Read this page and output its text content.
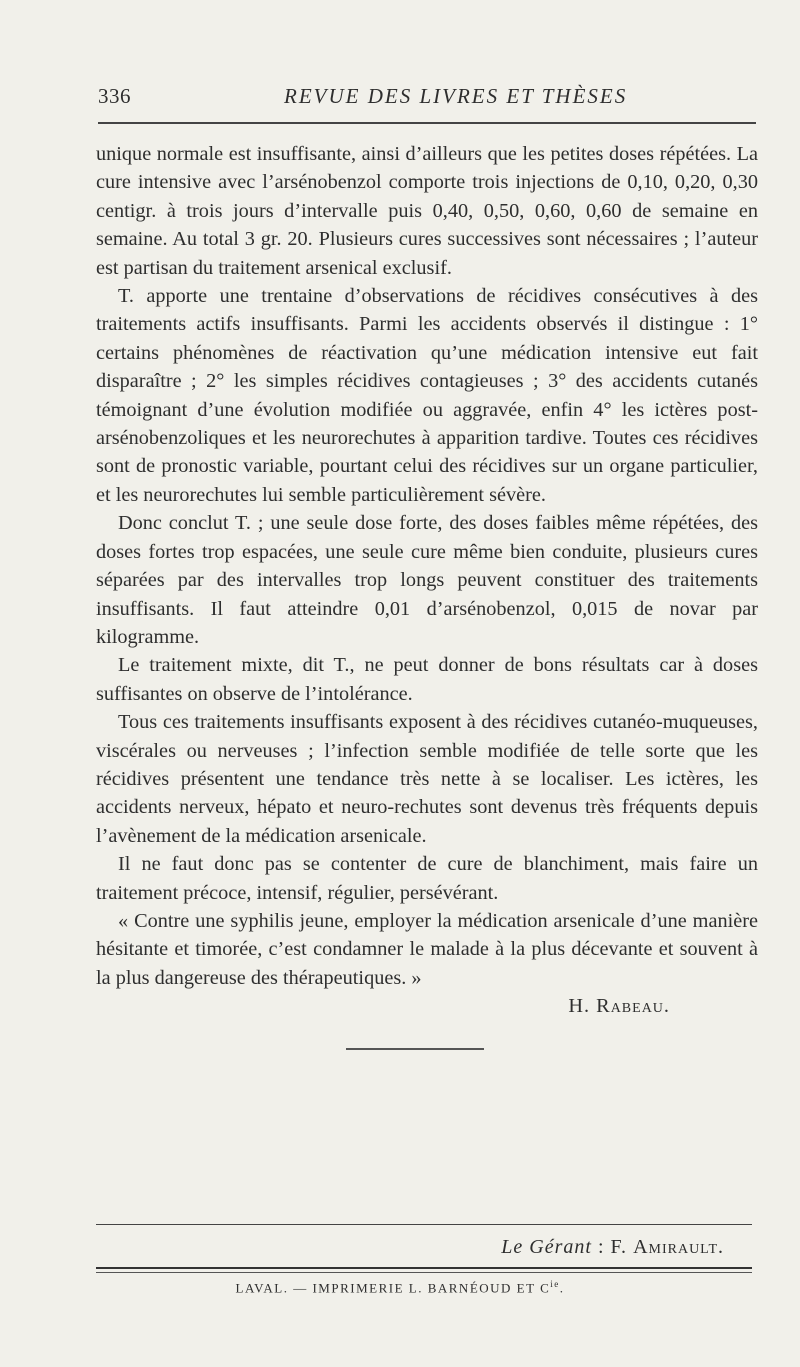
336	REVUE DES LIVRES ET THÈSES

unique normale est insuffisante, ainsi d’ailleurs que les petites doses répétées. La cure intensive avec l’arsénobenzol comporte trois injections de 0,10, 0,20, 0,30 centigr. à trois jours d’intervalle puis 0,40, 0,50, 0,60, 0,60 de semaine en semaine. Au total 3 gr. 20. Plusieurs cures successives sont nécessaires ; l’auteur est partisan du traitement arsenical exclusif.

T. apporte une trentaine d’observations de récidives consécutives à des traitements actifs insuffisants. Parmi les accidents observés il distingue : 1° certains phénomènes de réactivation qu’une médication intensive eut fait disparaître ; 2° les simples récidives contagieuses ; 3° des accidents cutanés témoignant d’une évolution modifiée ou aggravée, enfin 4° les ictères post-arsénobenzoliques et les neurorechutes à apparition tardive. Toutes ces récidives sont de pronostic variable, pourtant celui des récidives sur un organe particulier, et les neurorechutes lui semble particulièrement sévère.

Donc conclut T. ; une seule dose forte, des doses faibles même répétées, des doses fortes trop espacées, une seule cure même bien conduite, plusieurs cures séparées par des intervalles trop longs peuvent constituer des traitements insuffisants. Il faut atteindre 0,01 d’arsénobenzol, 0,015 de novar par kilogramme.

Le traitement mixte, dit T., ne peut donner de bons résultats car à doses suffisantes on observe de l’intolérance.

Tous ces traitements insuffisants exposent à des récidives cutanéo-muqueuses, viscérales ou nerveuses ; l’infection semble modifiée de telle sorte que les récidives présentent une tendance très nette à se localiser. Les ictères, les accidents nerveux, hépato et neuro-rechutes sont devenus très fréquents depuis l’avènement de la médication arsenicale.

Il ne faut donc pas se contenter de cure de blanchiment, mais faire un traitement précoce, intensif, régulier, persévérant.

« Contre une syphilis jeune, employer la médication arsenicale d’une manière hésitante et timorée, c’est condamner le malade à la plus décevante et souvent à la plus dangereuse des thérapeutiques. »

H. Rabeau.

Le Gérant : F. Amirault.
LAVAL. — IMPRIMERIE L. BARNÉOUD ET $C^{ie}$.
